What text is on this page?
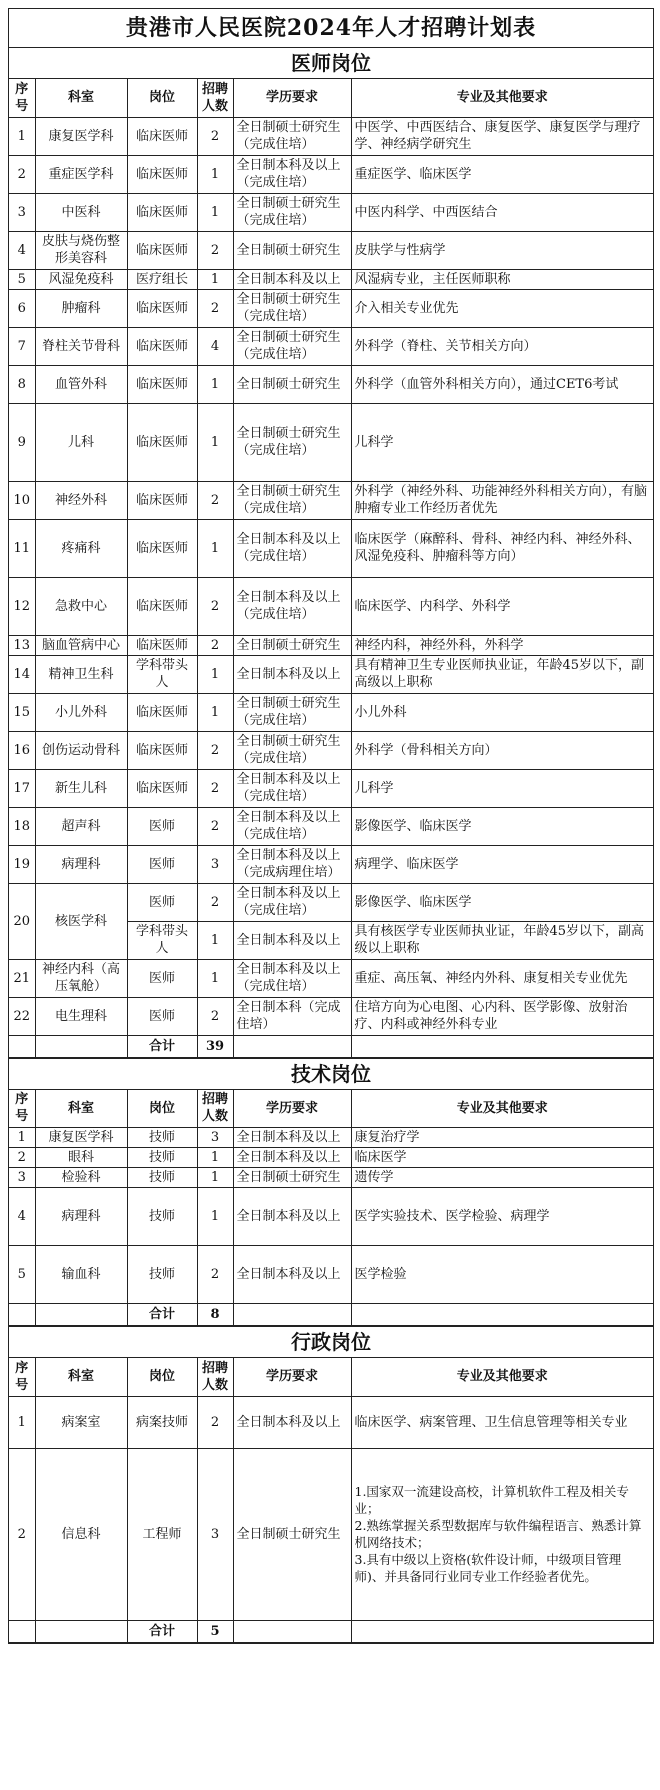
贵港市人民医院2024年人才招聘计划表
医师岗位
序号	科室	岗位	招聘人数	学历要求	专业及其他要求
1	康复医学科	临床医师	2	全日制硕士研究生（完成住培）	中医学、中西医结合、康复医学、康复医学与理疗学、神经病学研究生
2	重症医学科	临床医师	1	全日制本科及以上（完成住培）	重症医学、临床医学
3	中医科	临床医师	1	全日制硕士研究生（完成住培）	中医内科学、中西医结合
4	皮肤与烧伤整形美容科	临床医师	2	全日制硕士研究生	皮肤学与性病学
5	风湿免疫科	医疗组长	1	全日制本科及以上	风湿病专业，主任医师职称
6	肿瘤科	临床医师	2	全日制硕士研究生（完成住培）	介入相关专业优先
7	脊柱关节骨科	临床医师	4	全日制硕士研究生（完成住培）	外科学（脊柱、关节相关方向）
8	血管外科	临床医师	1	全日制硕士研究生	外科学（血管外科相关方向），通过CET6考试
9	儿科	临床医师	1	全日制硕士研究生（完成住培）	儿科学
10	神经外科	临床医师	2	全日制硕士研究生（完成住培）	外科学（神经外科、功能神经外科相关方向），有脑肿瘤专业工作经历者优先
11	疼痛科	临床医师	1	全日制本科及以上（完成住培）	临床医学（麻醉科、骨科、神经内科、神经外科、风湿免疫科、肿瘤科等方向）
12	急救中心	临床医师	2	全日制本科及以上（完成住培）	临床医学、内科学、外科学
13	脑血管病中心	临床医师	2	全日制硕士研究生	神经内科，神经外科，外科学
14	精神卫生科	学科带头人	1	全日制本科及以上	具有精神卫生专业医师执业证，年龄45岁以下，副高级以上职称
15	小儿外科	临床医师	1	全日制硕士研究生（完成住培）	小儿外科
16	创伤运动骨科	临床医师	2	全日制硕士研究生（完成住培）	外科学（骨科相关方向）
17	新生儿科	临床医师	2	全日制本科及以上（完成住培）	儿科学
18	超声科	医师	2	全日制本科及以上（完成住培）	影像医学、临床医学
19	病理科	医师	3	全日制本科及以上（完成病理住培）	病理学、临床医学
20	核医学科	医师	2	全日制本科及以上（完成住培）	影像医学、临床医学
		学科带头人	1	全日制本科及以上	具有核医学专业医师执业证，年龄45岁以下，副高级以上职称
21	神经内科（高压氧舱）	医师	1	全日制本科及以上（完成住培）	重症、高压氧、神经内外科、康复相关专业优先
22	电生理科	医师	2	全日制本科（完成住培）	住培方向为心电图、心内科、医学影像、放射治疗、内科或神经外科专业
		合计	39		
技术岗位
序号	科室	岗位	招聘人数	学历要求	专业及其他要求
1	康复医学科	技师	3	全日制本科及以上	康复治疗学
2	眼科	技师	1	全日制本科及以上	临床医学
3	检验科	技师	1	全日制硕士研究生	遗传学
4	病理科	技师	1	全日制本科及以上	医学实验技术、医学检验、病理学
5	输血科	技师	2	全日制本科及以上	医学检验
		合计	8		
行政岗位
序号	科室	岗位	招聘人数	学历要求	专业及其他要求
1	病案室	病案技师	2	全日制本科及以上	临床医学、病案管理、卫生信息管理等相关专业
2	信息科	工程师	3	全日制硕士研究生	1.国家双一流建设高校，计算机软件工程及相关专业；
2.熟练掌握关系型数据库与软件编程语言、熟悉计算机网络技术；
3.具有中级以上资格(软件设计师，中级项目管理师)、并具备同行业同专业工作经验者优先。

		合计	5		
